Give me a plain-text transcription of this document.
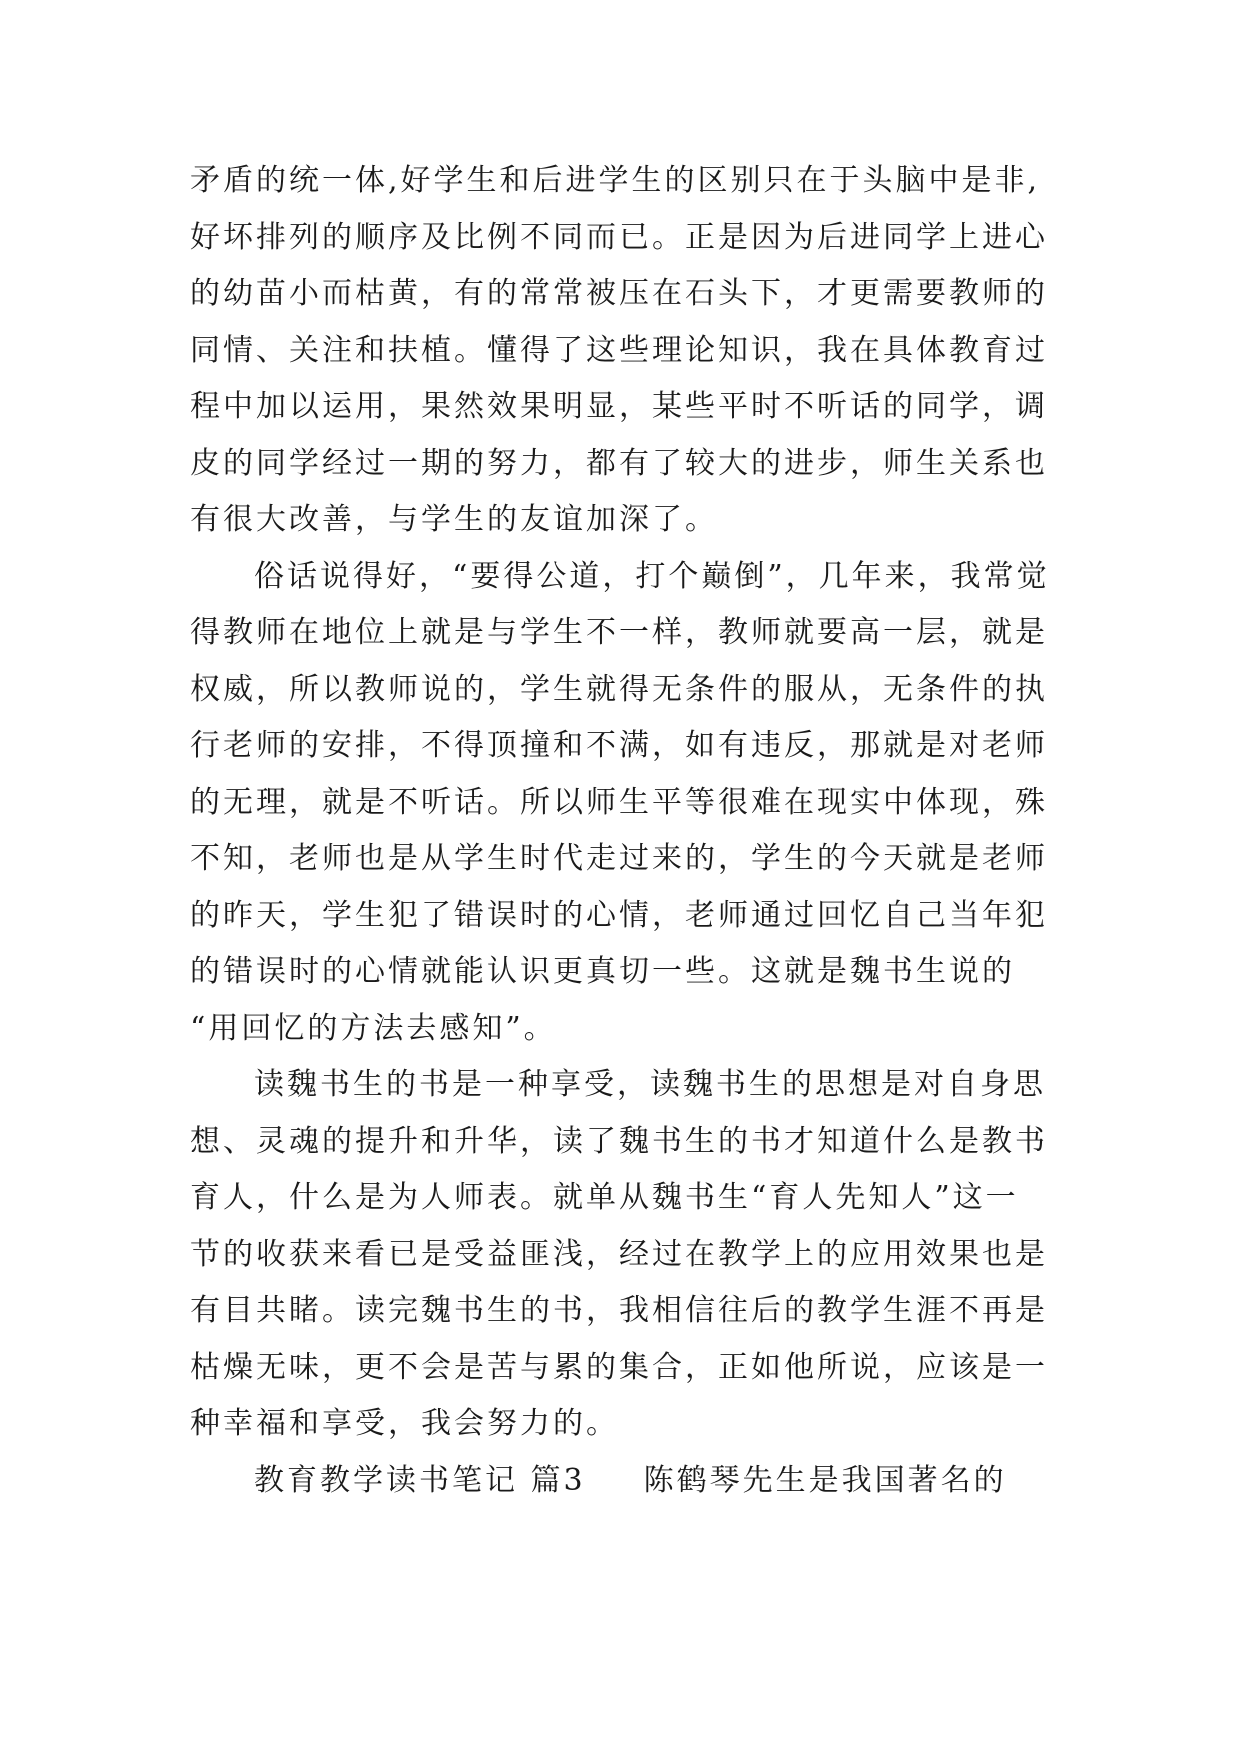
矛盾的统一体,好学生和后进学生的区别只在于头脑中是非,
好坏排列的顺序及比例不同而已。正是因为后进同学上进心
的幼苗小而枯黄，有的常常被压在石头下，才更需要教师的
同情、关注和扶植。懂得了这些理论知识，我在具体教育过
程中加以运用，果然效果明显，某些平时不听话的同学，调
皮的同学经过一期的努力，都有了较大的进步，师生关系也
有很大改善，与学生的友谊加深了。
俗话说得好，“要得公道，打个巅倒”，几年来，我常觉
得教师在地位上就是与学生不一样，教师就要高一层，就是
权威，所以教师说的，学生就得无条件的服从，无条件的执
行老师的安排，不得顶撞和不满，如有违反，那就是对老师
的无理，就是不听话。所以师生平等很难在现实中体现，殊
不知，老师也是从学生时代走过来的，学生的今天就是老师
的昨天，学生犯了错误时的心情，老师通过回忆自己当年犯
的错误时的心情就能认识更真切一些。这就是魏书生说的
“用回忆的方法去感知”。
读魏书生的书是一种享受，读魏书生的思想是对自身思
想、灵魂的提升和升华，读了魏书生的书才知道什么是教书
育人，什么是为人师表。就单从魏书生“育人先知人”这一
节的收获来看已是受益匪浅，经过在教学上的应用效果也是
有目共睹。读完魏书生的书，我相信往后的教学生涯不再是
枯燥无味，更不会是苦与累的集合，正如他所说，应该是一
种幸福和享受，我会努力的。
教育教学读书笔记 篇3 陈鹤琴先生是我国著名的
